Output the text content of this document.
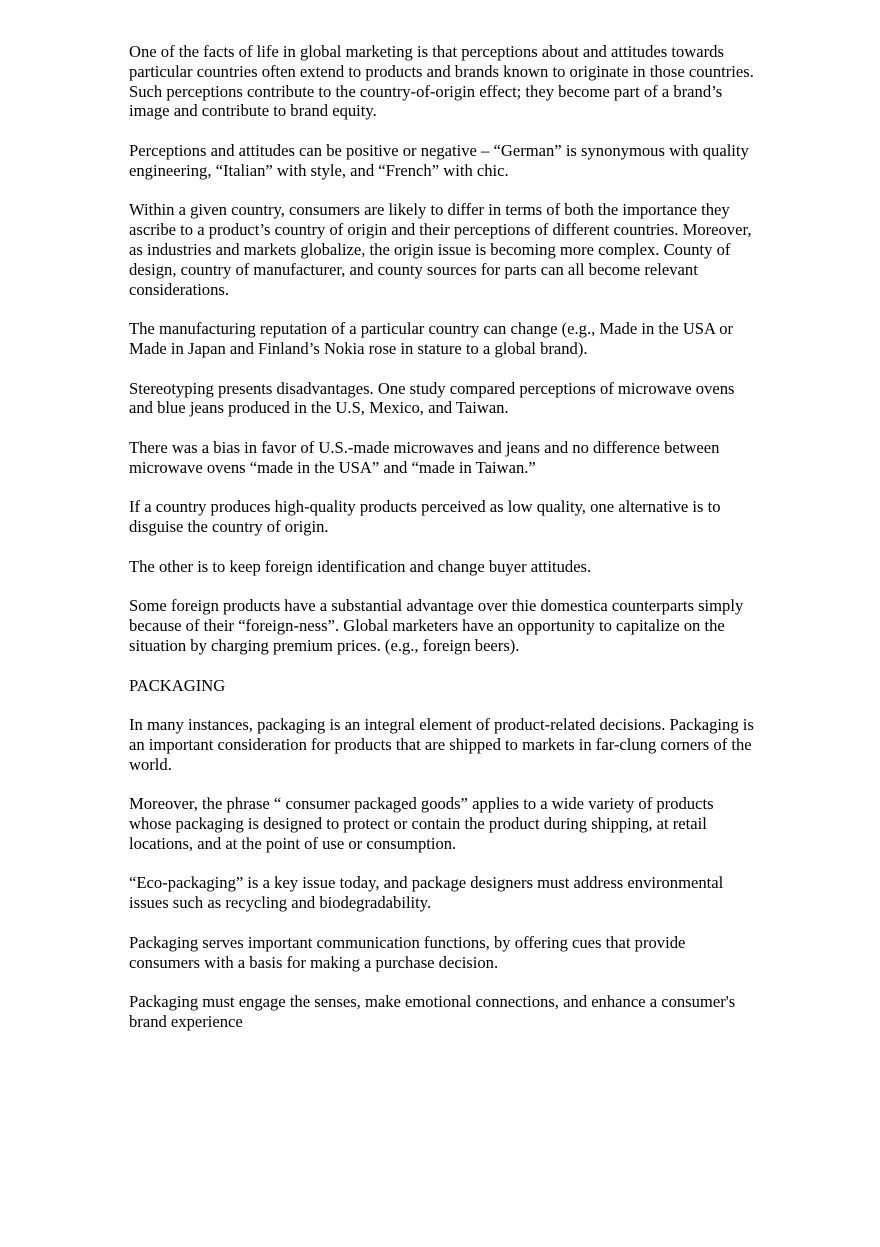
One of the facts of life in global marketing is that perceptions about and attitudes towards particular countries often extend to products and brands known to originate in those countries. Such perceptions contribute to the country-of-origin effect; they become part of a brand’s image and contribute to brand equity.

Perceptions and attitudes can be positive or negative – “German” is synonymous with quality engineering, “Italian” with style, and “French” with chic.

Within a given country, consumers are likely to differ in terms of both the importance they ascribe to a product’s country of origin and their perceptions of different countries. Moreover, as industries and markets globalize, the origin issue is becoming more complex. County of design, country of manufacturer, and county sources for parts can all become relevant considerations.

The manufacturing reputation of a particular country can change (e.g., Made in the USA or Made in Japan and Finland’s Nokia rose in stature to a global brand).

Stereotyping presents disadvantages. One study compared perceptions of microwave ovens and blue jeans produced in the U.S, Mexico, and Taiwan.

There was a bias in favor of U.S.-made microwaves and jeans and no difference between microwave ovens “made in the USA” and “made in Taiwan.”

If a country produces high-quality products perceived as low quality, one alternative is to disguise the country of origin.

The other is to keep foreign identification and change buyer attitudes.

Some foreign products have a substantial advantage over thie domestica counterparts simply because of their “foreign-ness”. Global marketers have an opportunity to capitalize on the situation by charging premium prices. (e.g., foreign beers).

PACKAGING

In many instances, packaging is an integral element of product-related decisions. Packaging is an important consideration for products that are shipped to markets in far-clung corners of the world.

Moreover, the phrase “ consumer packaged goods” applies to a wide variety of products whose packaging is designed to protect or contain the product during shipping, at retail locations, and at the point of use or consumption.

“Eco-packaging” is a key issue today, and package designers must address environmental issues such as recycling and biodegradability.

Packaging serves important communication functions, by offering cues that provide consumers with a basis for making a purchase decision.

Packaging must engage the senses, make emotional connections, and enhance a consumer's brand experience
